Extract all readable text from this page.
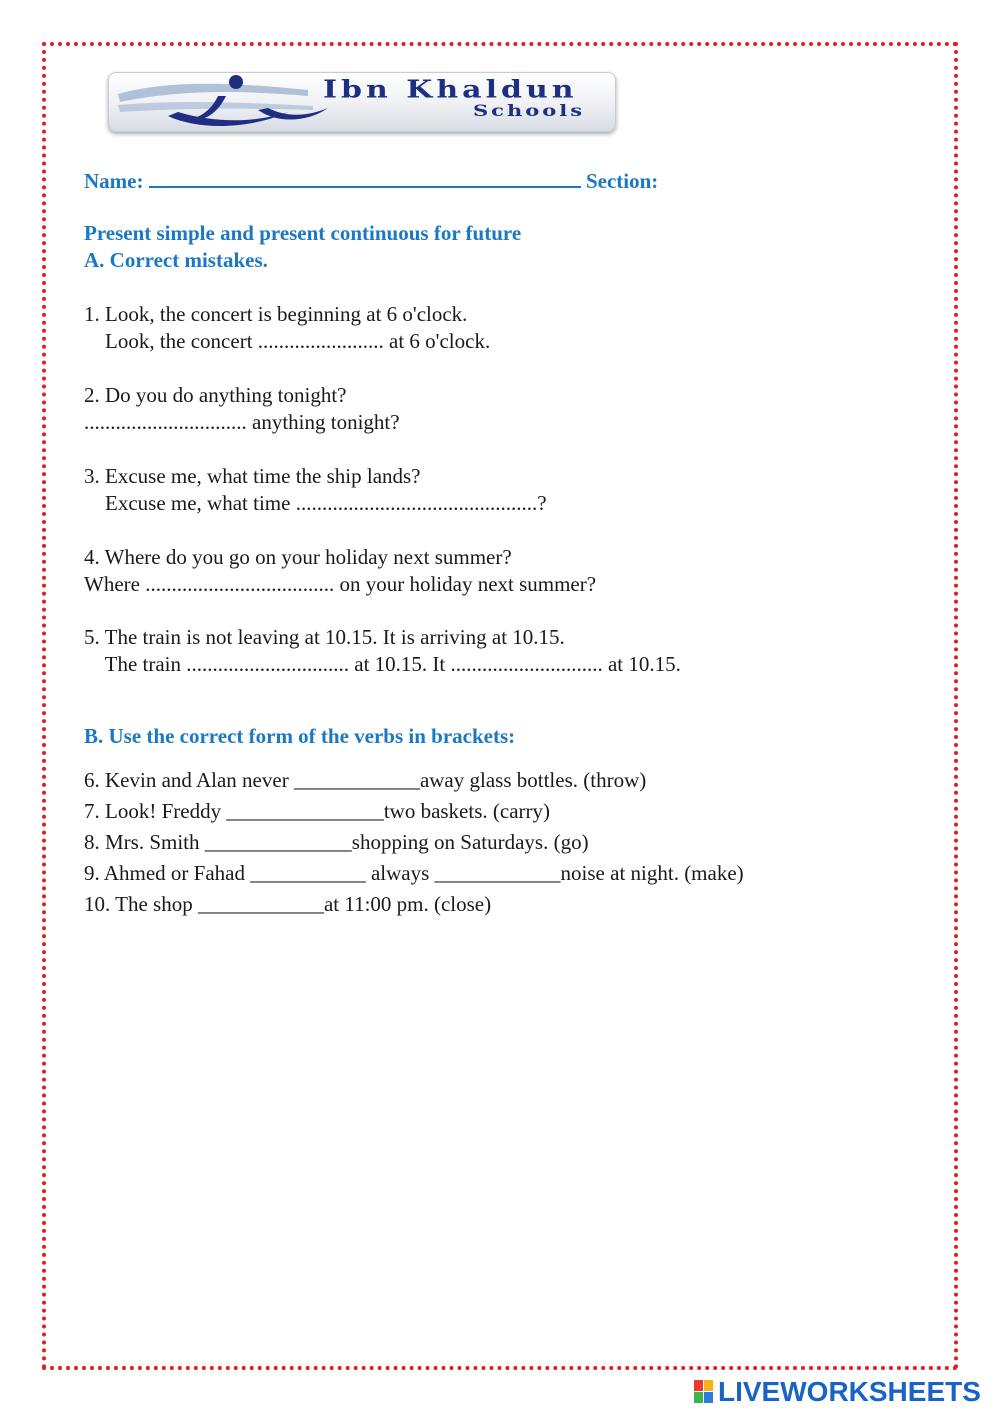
Ibn Khaldun
Schools
Name:	Section:
Present simple and present continuous for future
A. Correct mistakes.
1. Look, the concert is beginning at 6 o'clock.
Look, the concert ........................ at 6 o'clock.
2. Do you do anything tonight?
............................... anything tonight?
3. Excuse me, what time the ship lands?
Excuse me, what time ..............................................?
4. Where do you go on your holiday next summer?
Where .................................... on your holiday next summer?
5. The train is not leaving at 10.15. It is arriving at 10.15.
The train ............................... at 10.15. It ............................. at 10.15.
B. Use the correct form of the verbs in brackets:
6. Kevin and Alan never ____________away glass bottles. (throw)
7. Look! Freddy _______________two baskets. (carry)
8. Mrs. Smith ______________shopping on Saturdays. (go)
9. Ahmed or Fahad ___________ always ____________noise at night. (make)
10. The shop ____________at 11:00 pm. (close)
LIVEWORKSHEETS
